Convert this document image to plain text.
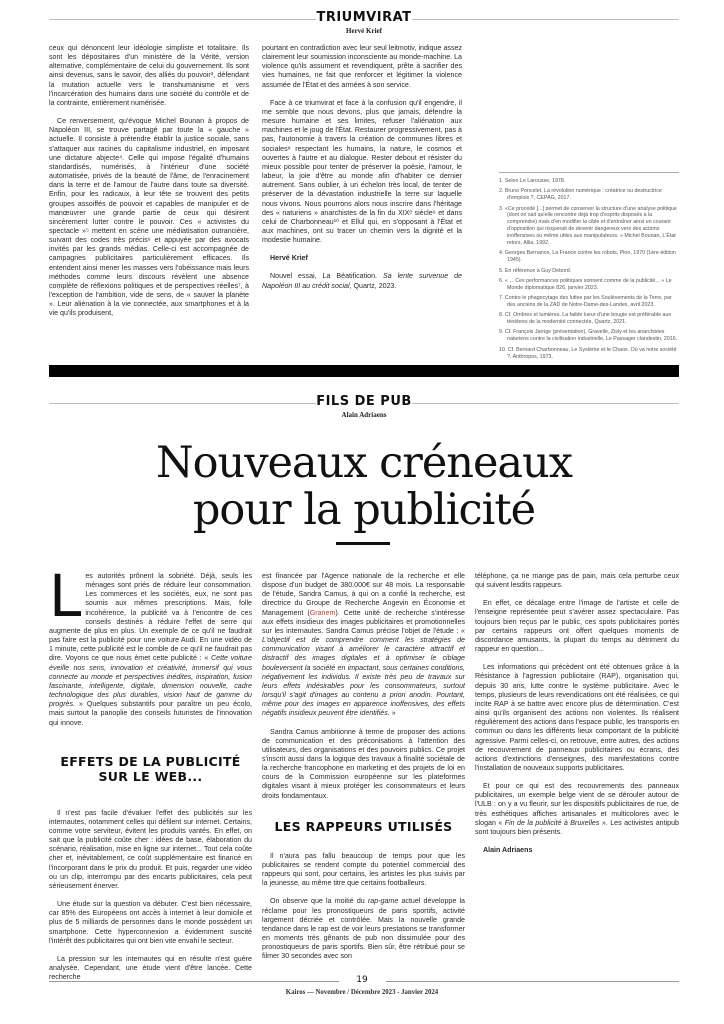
TRIUMVIRAT
Hervé Krief

ceux qui dénoncent leur idéologie simpliste et totalitaire. Ils sont les dépositaires d'un ministère de la Vérité, version alternative, complémentaire de celui du gouvernement. Ils sont ainsi devenus, sans le savoir, des alliés du pouvoir³, défendant la mutation actuelle vers le transhumanisme et vers l'incarcération des humains dans une société du contrôle et de la contrainte, entièrement numérisée.

Ce renversement, qu'évoque Michel Bounan à propos de Napoléon III, se trouve partagé par toute la « gauche » actuelle. Il consiste à prétendre établir la justice sociale, sans s'attaquer aux racines du capitalisme industriel, en imposant une dictature abjecte⁴. Celle qui impose l'égalité d'humains standardisés, numérisés, à l'intérieur d'une société automatisée, privés de la beauté de l'âme, de l'enracinement dans la terre et de l'amour de l'autre dans toute sa diversité. Enfin, pour les radicaux, à leur tête se trouvent des petits groupes assoiffés de pouvoir et capables de manipuler et de manœuvrer une grande partie de ceux qui désirent sincèrement lutter contre le pouvoir. Ces « activistes du spectacle »⁵ mettent en scène une médiatisation outrancière, suivant des codes très précis⁶ et appuyée par des avocats invités par les grands médias. Celle-ci est accompagnée de campagnes publicitaires particulièrement efficaces. Ils entendent ainsi mener les masses vers l'obéissance mais leurs méthodes comme leurs discours révèlent une absence complète de réflexions politiques et de perspectives réelles⁷, à l'exception de l'ambition, vide de sens, de « sauver la planète ». Leur aliénation à la vie connectée, aux smartphones et à la vie qu'ils produisent,

pourtant en contradiction avec leur seul leitmotiv, indique assez clairement leur soumission inconsciente au monde-machine. La violence qu'ils assument et revendiquent, prête à sacrifier des vies humaines, ne fait que renforcer et légitimer la violence assumée de l'État et des armées à son service.

Face à ce triumvirat et face à la confusion qu'il engendre, il me semble que nous devons, plus que jamais, défendre la mesure humaine et ses limites, refuser l'aliénation aux machines et le joug de l'État. Restaurer progressivement, pas à pas, l'autonomie à travers la création de communes libres et sociales⁸ respectant les humains, la nature, le cosmos et ouvertes à l'autre et au dialogue. Rester debout et résister du mieux possible pour tenter de préserver la poésie, l'amour, le labeur, la joie d'être au monde afin d'habiter ce dernier autrement. Sans oublier, à un échelon très local, de tenter de préserver de la dévastation industrielle la terre sur laquelle nous vivons. Nous pourrons alors nous inscrire dans l'héritage des « naturiens » anarchistes de la fin du XIXᵉ siècle⁹ et dans celui de Charbonneau¹⁰ et Ellul qui, en s'opposant à l'État et aux machines, ont su tracer un chemin vers la dignité et la modestie humaine.

Hervé Krief

Nouvel essai, La Béatification. Sa lente survenue de Napoléon III au crédit social, Quartz, 2023.

1. Selon Le Larousse, 1978.
2. Bruno Poncelet, La révolution numérique : créatrice ou destructrice d'emplois ?, CEPAG, 2017.
3. «Ce procédé [...] permet de conserver la structure d'une analyse politique (dont on sait qu'elle rencontre déjà trop d'esprits disposés à la comprendre) mais d'en modifier la cible et d'entraîner ainsi un courant d'opposition qui risquerait de devenir dangereux vers des actions inoffensives ou même utiles aux manipulateurs. » Michel Bounan, L'État retors, Allia, 1992.
4. Georges Bernanos, La France contre les robots, Plon, 1970 (1ère édition 1945).
5. En référence à Guy Debord.
6. « ... Ces performances politiques sonnent comme de la publicité... » Le Monde diplomatique 826, janvier 2023.
7. Contre le phagocytage des luttes par les Soulèvements de la Terre, par des anciens de la ZAD de Notre-Dame-des-Landes, avril 2023.
8. Cf. Ombres et lumières. La faible lueur d'une bougie est préférable aux ténèbres de la modernité connectée, Quartz, 2021.
9. Cf. François Jarrige (présentation), Gravelle, Zisly et les anarchistes naturiens contre la civilisation industrielle, Le Passager clandestin, 2016.
10. Cf. Bernard Charbonneau, Le Système et le Chaos. Où va notre société ?, Anthropos, 1973.
FILS DE PUB
Alain Adriaens
Nouveaux créneaux
pour la publicité

Les autorités prônent la sobriété. Déjà, seuls les ménages sont priés de réduire leur consommation. Les commerces et les sociétés, eux, ne sont pas soumis aux mêmes prescriptions. Mais, folle incohérence, la publicité va à l'encontre de ces conseils destinés à réduire l'effet de serre qui augmente de plus en plus. Un exemple de ce qu'il ne faudrait pas faire est la publicité pour une voiture Audi. En une vidéo de 1 minute, cette publicité est le comble de ce qu'il ne faudrait pas dire. Voyons ce que nous émet cette publicité : « Cette voiture éveille nos sens, innovation et créativité, immersif qui vous connecte au monde et perspectives inédites, inspiration, fusion fascinante, intelligente, digitale, dimension nouvelle, cadre technologique des plus durables, vision haut de gamme du progrès. » Quelques substantifs pour paraître un peu écolo, mais surtout la panoplie des conseils futuristes de l'innovation qui innove.

EFFETS DE LA PUBLICITÉ
SUR LE WEB...

Il n'est pas facile d'évaluer l'effet des publicités sur les internautes, notamment celles qui défilent sur internet. Certains, comme votre serviteur, évitent les produits vantés. En effet, on sait que la publicité coûte cher : idées de base, élaboration du scénario, réalisation, mise en ligne sur internet... Tout cela coûte cher et, inévitablement, ce coût supplémentaire est financé en l'incorporant dans le prix du produit. Et puis, regarder une vidéo ou un clip, interrompu par des encarts publicitaires, cela peut sérieusement énerver.

Une étude sur la question va débuter. C'est bien nécessaire, car 85% des Européens ont accès à internet à leur domicile et plus de 5 milliards de personnes dans le monde possèdent un smartphone. Cette hyperconnexion a évidemment suscité l'intérêt des publicitaires qui ont bien vite envahi le secteur.

La pression sur les internautes qui en résulte n'est guère analysée. Cependant, une étude vient d'être lancée. Cette recherche

est financée par l'Agence nationale de la recherche et elle dispose d'un budget de 380.000€ sur 48 mois. La responsable de l'étude, Sandra Camus, à qui on a confié la recherche, est directrice du Groupe de Recherche Angevin en Économie et Management (Granem). Cette unité de recherche s'intéresse aux effets insidieux des images publicitaires et promotionnelles sur les internautes. Sandra Camus précise l'objet de l'étude : « L'objectif est de comprendre comment les stratégies de communication visant à améliorer le caractère attractif et distractif des images digitales et à optimiser le ciblage bouleversent la société en impactant, sous certaines conditions, négativement les individus. Il existe très peu de travaux sur leurs effets indésirables pour les consommateurs, surtout lorsqu'il s'agit d'images au contenu a priori anodin. Pourtant, même pour des images en apparence inoffensives, des effets négatifs insidieux peuvent être identifiés. »

Sandra Camus ambitionne à terme de proposer des actions de communication et des préconisations à l'attention des utilisateurs, des organisations et des pouvoirs publics. Ce projet s'inscrit aussi dans la logique des travaux à finalité sociétale de la recherche francophone en marketing et des projets de loi en cours de la Commission européenne sur les plateformes digitales visant à mieux protéger les consommateurs et leurs droits fondamentaux.

LES RAPPEURS UTILISÉS

Il n'aura pas fallu beaucoup de temps pour que les publicitaires se rendent compte du potentiel commercial des rappeurs qui sont, pour certains, les artistes les plus suivis par la jeunesse, au même titre que certains footballeurs.

On observe que la moitié du rap-game actuel développe la réclame pour les pronostiqueurs de paris sportifs, activité largement décriée et contrôlée. Mais la nouvelle grande tendance dans le rap est de voir leurs prestations se transformer en moments très gênants de pub non dissimulée pour des pronostiqueurs de paris sportifs. Bien sûr, être rétribué pour se filmer 30 secondes avec son

téléphone, ça ne mange pas de pain, mais cela perturbe ceux qui suivent lesdits rappeurs.

En effet, ce décalage entre l'image de l'artiste et celle de l'enseigne représentée peut s'avérer assez spectaculaire. Pas toujours bien reçus par le public, ces spots publicitaires portés par certains rappeurs ont offert quelques moments de discordance amusants, la plupart du temps au détriment du rappeur en question...

Les informations qui précèdent ont été obtenues grâce à la Résistance à l'agression publicitaire (RAP), organisation qui, depuis 30 ans, lutte contre le système publicitaire. Avec le temps, plusieurs de leurs revendications ont été réalisées, ce qui incite RAP à se battre avec encore plus de détermination. C'est ainsi qu'ils organisent des actions non violentes. Ils réalisent régulièrement des actions dans l'espace public, les transports en commun ou dans les différents lieux comportant de la publicité agressive. Parmi celles-ci, on retrouve, entre autres, des actions de recouvrement de panneaux publicitaires ou écrans, des actions d'extinctions d'enseignes, des manifestations contre l'installation de nouveaux supports publicitaires.

Et pour ce qui est des recouvrements des panneaux publicitaires, un exemple belge vient de se dérouler autour de l'ULB : on y a vu fleurir, sur les dispositifs publicitaires de rue, de très esthétiques affiches artisanales et multicolores avec le slogan « Fin de la publicité à Bruxelles ». Les activistes antipub sont toujours bien présents.

Alain Adriaens
19
Kairos — Novembre / Décembre 2023 - Janvier 2024
